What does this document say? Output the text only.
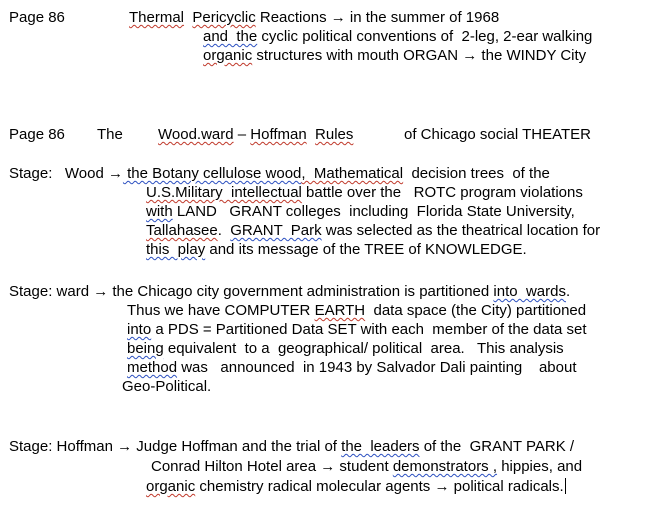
Page 86	Thermal Pericyclic Reactions → in the summer of 1968
and  the cyclic political conventions of  2-leg, 2-ear walking
organic structures with mouth ORGAN → the WINDY City
Page 86 The Wood.ward – Hoffman Rules	of Chicago social THEATER
Stage:   Wood → the Botany cellulose wood,  Mathematical  decision trees  of the
U.S.Military  intellectual battle over the   ROTC program violations
with LAND   GRANT colleges  including  Florida State University,
Tallahasee.  GRANT  Park was selected as the theatrical location for
this  play and its message of the TREE of KNOWLEDGE.
Stage: ward → the Chicago city government administration is partitioned into  wards.
Thus we have COMPUTER EARTH  data space (the City) partitioned
into a PDS = Partitioned Data SET with each  member of the data set
being equivalent  to a  geographical/ political  area.   This analysis
method was   announced  in 1943 by Salvador Dali painting    about
Geo-Political.
Stage: Hoffman → Judge Hoffman and the trial of the  leaders of the  GRANT PARK /
Conrad Hilton Hotel area → student demonstrators , hippies, and
organic chemistry radical molecular agents → political radicals.
